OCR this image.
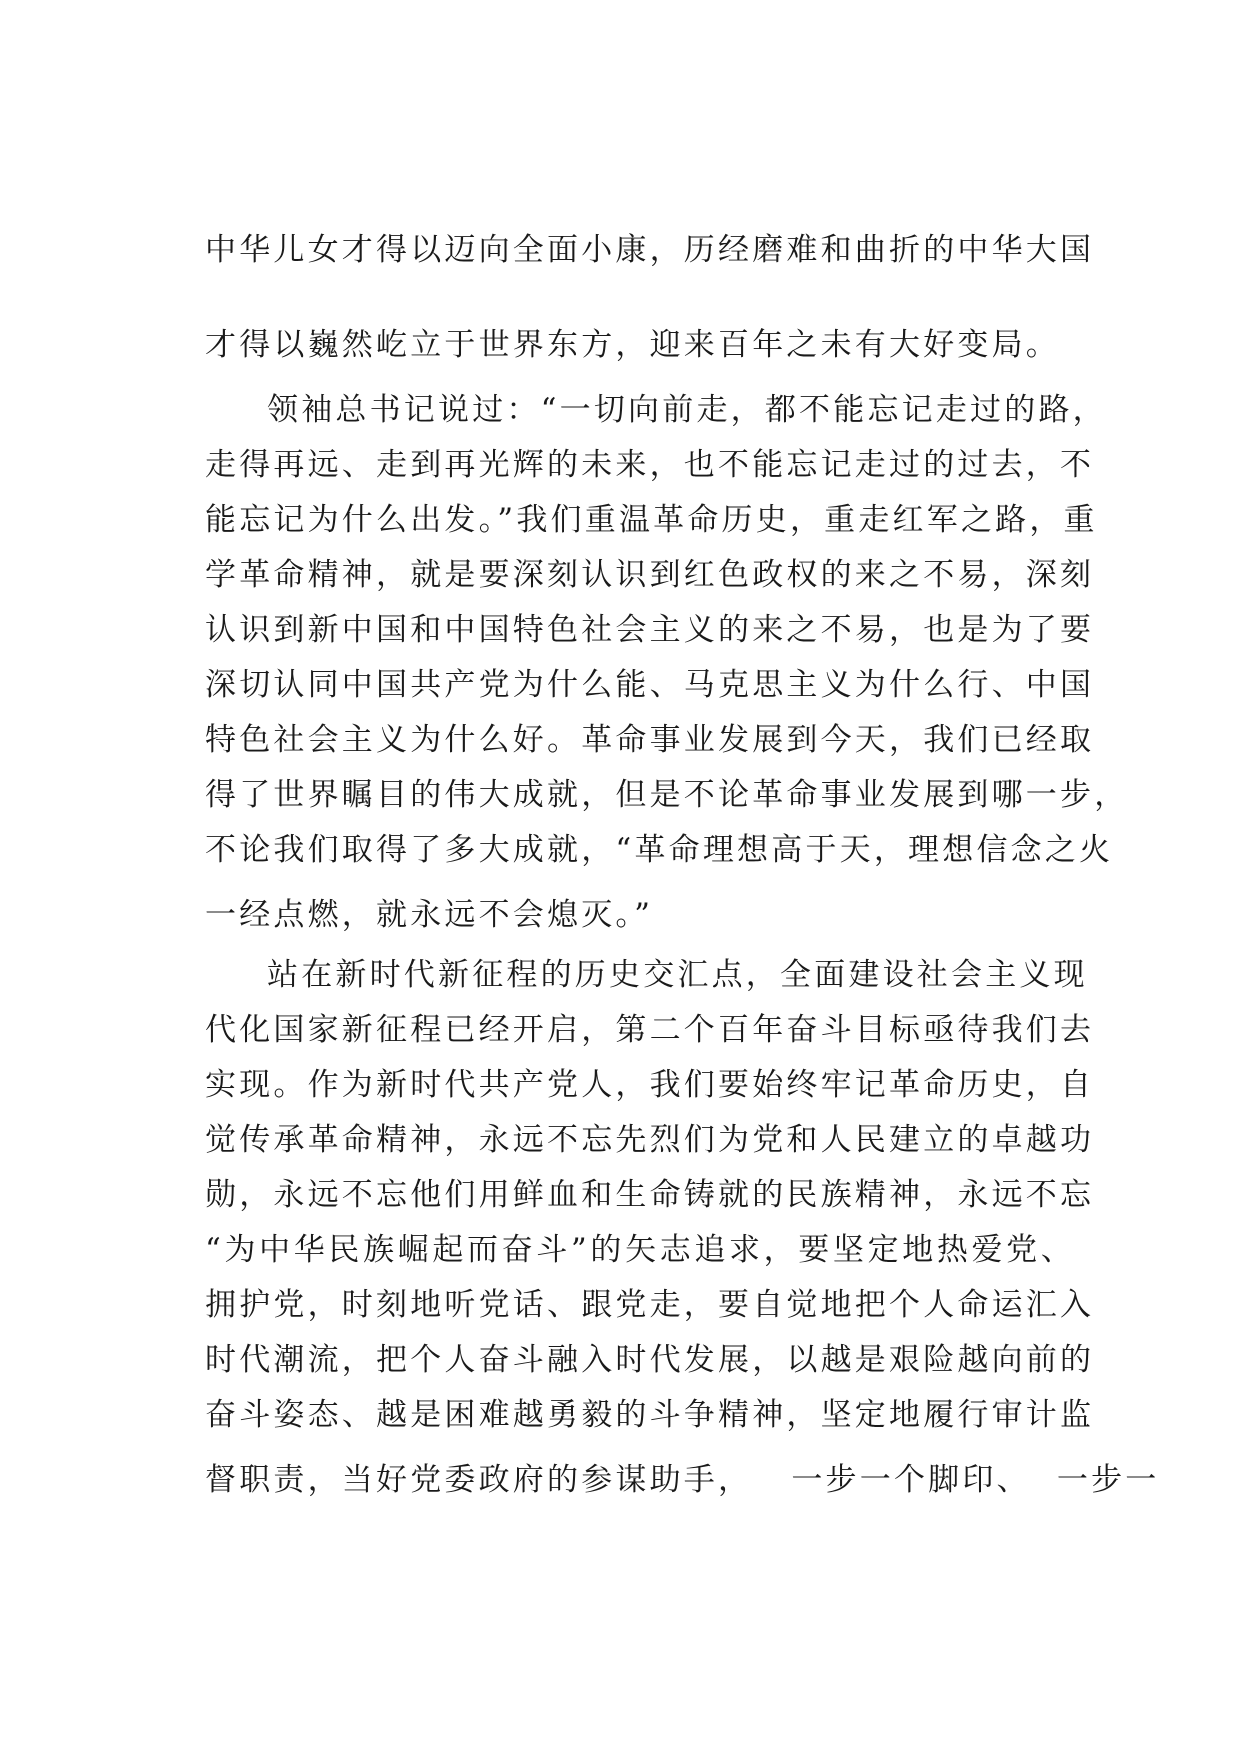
中华儿女才得以迈向全面小康，历经磨难和曲折的中华大国
才得以巍然屹立于世界东方，迎来百年之未有大好变局。
领袖总书记说过：“一切向前走，都不能忘记走过的路，
走得再远、走到再光辉的未来，也不能忘记走过的过去，不
能忘记为什么出发。”我们重温革命历史，重走红军之路，重
学革命精神，就是要深刻认识到红色政权的来之不易，深刻
认识到新中国和中国特色社会主义的来之不易，也是为了要
深切认同中国共产党为什么能、马克思主义为什么行、中国
特色社会主义为什么好。革命事业发展到今天，我们已经取
得了世界瞩目的伟大成就，但是不论革命事业发展到哪一步，
不论我们取得了多大成就，“革命理想高于天，理想信念之火
一经点燃，就永远不会熄灭。”
站在新时代新征程的历史交汇点，全面建设社会主义现
代化国家新征程已经开启，第二个百年奋斗目标亟待我们去
实现。作为新时代共产党人，我们要始终牢记革命历史，自
觉传承革命精神，永远不忘先烈们为党和人民建立的卓越功
勋，永远不忘他们用鲜血和生命铸就的民族精神，永远不忘
“为中华民族崛起而奋斗”的矢志追求，要坚定地热爱党、
拥护党，时刻地听党话、跟党走，要自觉地把个人命运汇入
时代潮流，把个人奋斗融入时代发展，以越是艰险越向前的
奋斗姿态、越是困难越勇毅的斗争精神，坚定地履行审计监
督职责，当好党委政府的参谋助手，   一步一个脚印、  一步一
